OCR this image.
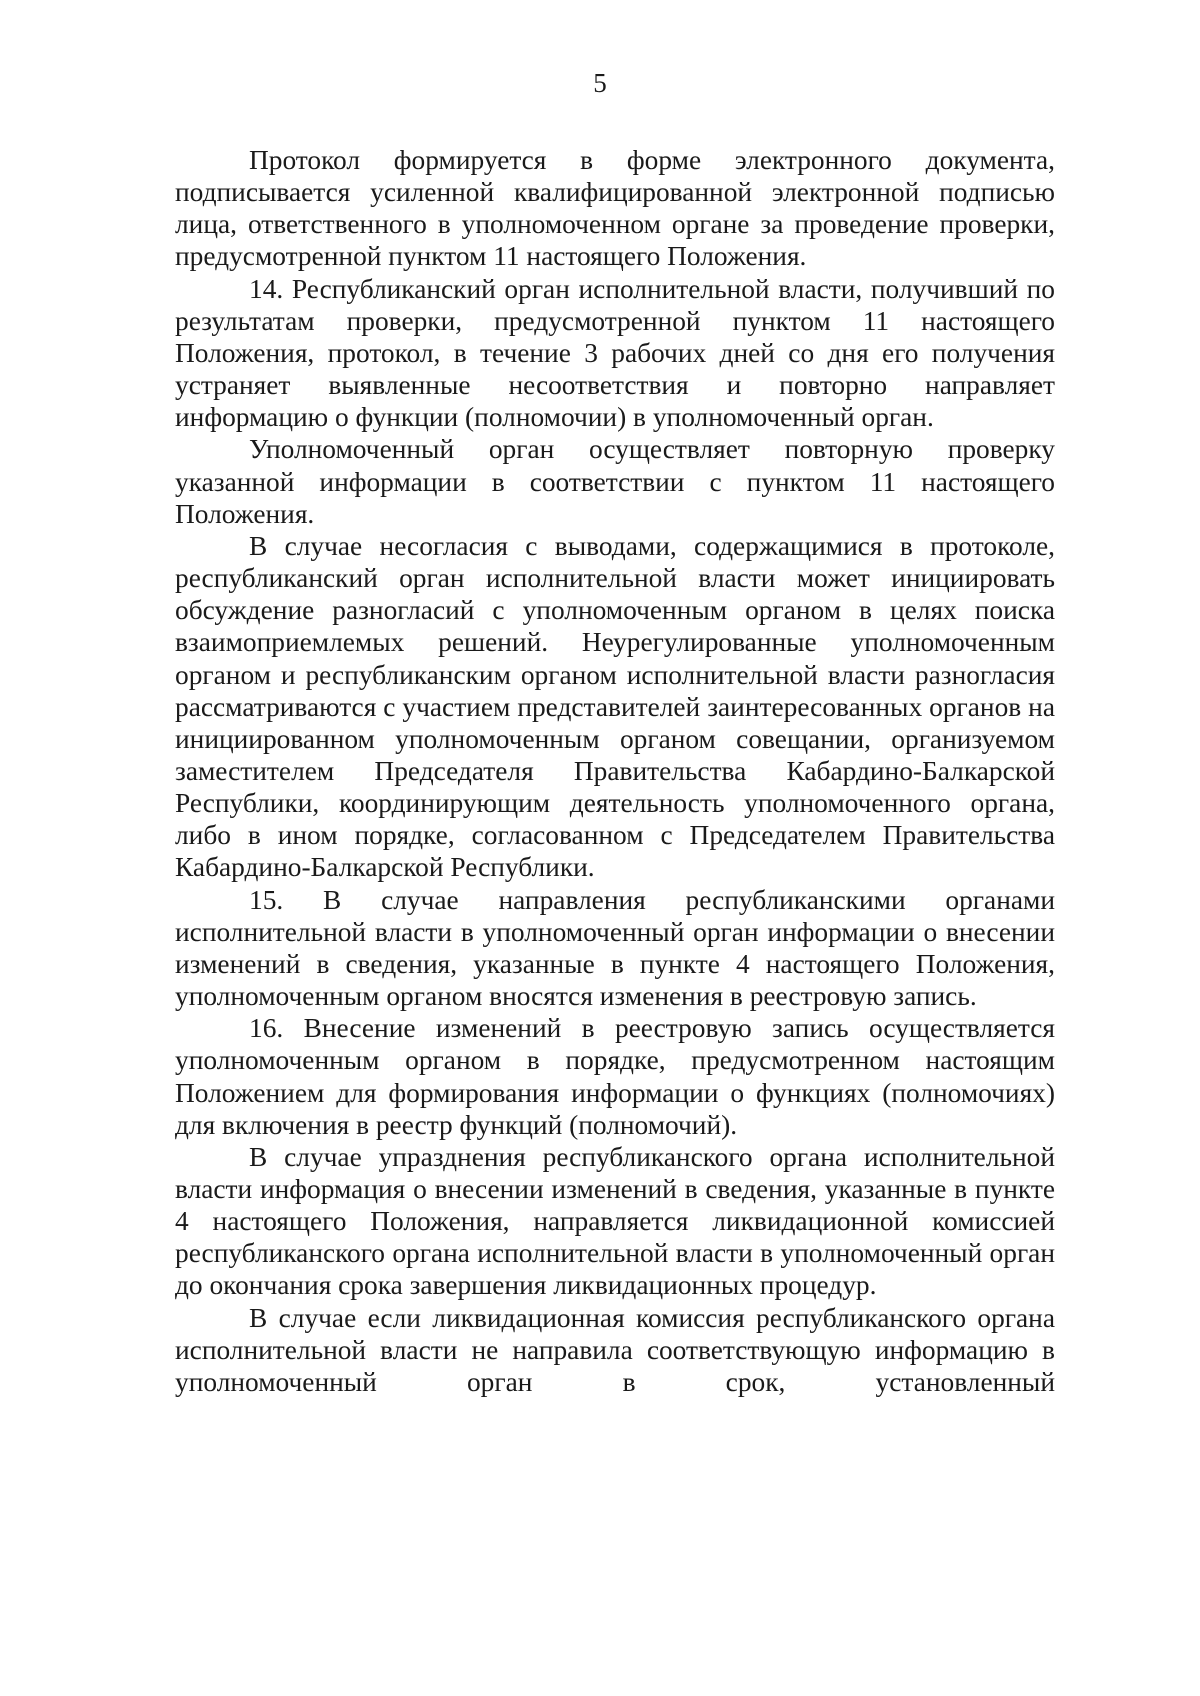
5

Протокол формируется в форме электронного документа, подписывается усиленной квалифицированной электронной подписью лица, ответственного в уполномоченном органе за проведение проверки, предусмотренной пунктом 11 настоящего Положения.

14. Республиканский орган исполнительной власти, получивший по результатам проверки, предусмотренной пунктом 11 настоящего Положения, протокол, в течение 3 рабочих дней со дня его получения устраняет выявленные несоответствия и повторно направляет информацию о функции (полномочии) в уполномоченный орган.

Уполномоченный орган осуществляет повторную проверку указанной информации в соответствии с пунктом 11 настоящего Положения.

В случае несогласия с выводами, содержащимися в протоколе, республиканский орган исполнительной власти может инициировать обсуждение разногласий с уполномоченным органом в целях поиска взаимоприемлемых решений. Неурегулированные уполномоченным органом и республиканским органом исполнительной власти разногласия рассматриваются с участием представителей заинтересованных органов на инициированном уполномоченным органом совещании, организуемом заместителем Председателя Правительства Кабардино-Балкарской Республики, координирующим деятельность уполномоченного органа, либо в ином порядке, согласованном с Председателем Правительства Кабардино-Балкарской Республики.

15. В случае направления республиканскими органами исполнительной власти в уполномоченный орган информации о внесении изменений в сведения, указанные в пункте 4 настоящего Положения, уполномоченным органом вносятся изменения в реестровую запись.

16. Внесение изменений в реестровую запись осуществляется уполномоченным органом в порядке, предусмотренном настоящим Положением для формирования информации о функциях (полномочиях) для включения в реестр функций (полномочий).

В случае упразднения республиканского органа исполнительной власти информация о внесении изменений в сведения, указанные в пункте 4 настоящего Положения, направляется ликвидационной комиссией республиканского органа исполнительной власти в уполномоченный орган до окончания срока завершения ликвидационных процедур.

В случае если ликвидационная комиссия республиканского органа исполнительной власти не направила соответствующую информацию в уполномоченный орган в срок, установленный
